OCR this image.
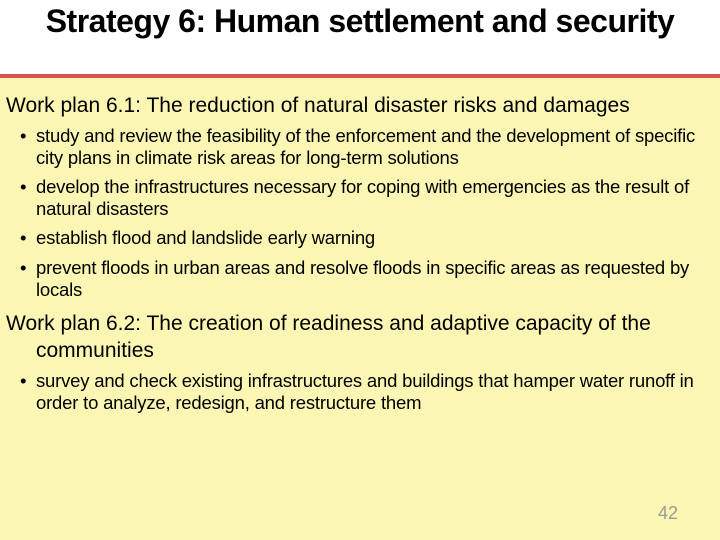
Strategy 6: Human settlement and security

Work plan 6.1: The reduction of natural disaster risks and damages

• study and review the feasibility of the enforcement and the development of specific city plans in climate risk areas for long-term solutions
• develop the infrastructures necessary for coping with emergencies as the result of natural disasters
• establish flood and landslide early warning
• prevent floods in urban areas and resolve floods in specific areas as requested by locals

Work plan 6.2: The creation of readiness and adaptive capacity of the communities

• survey and check existing infrastructures and buildings that hamper water runoff in order to analyze, redesign, and restructure them
42
